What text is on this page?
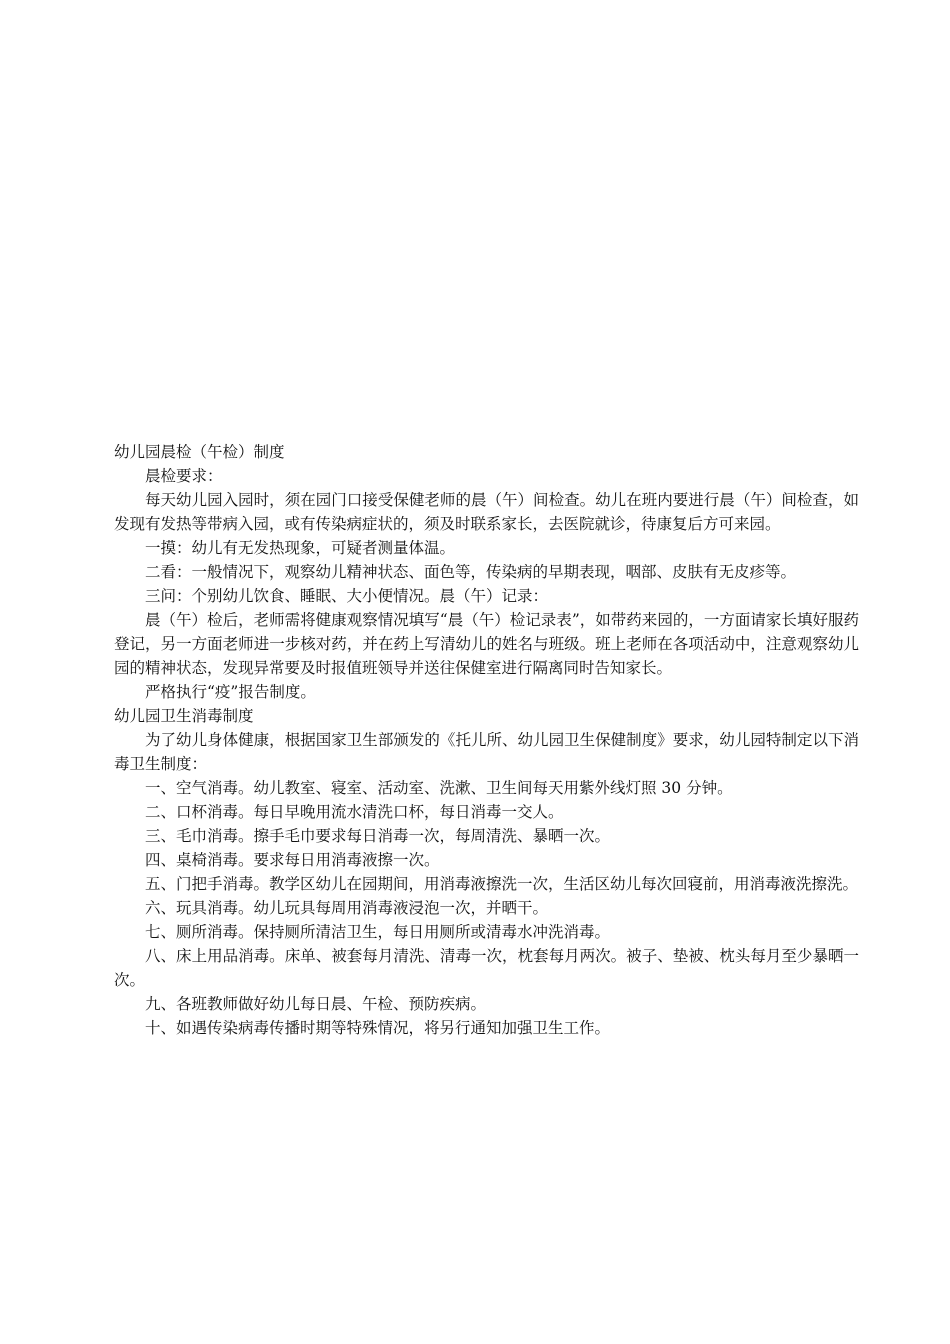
幼儿园晨检（午检）制度

晨检要求：

每天幼儿园入园时，须在园门口接受保健老师的晨（午）间检查。幼儿在班内要进行晨（午）间检查，如发现有发热等带病入园，或有传染病症状的，须及时联系家长，去医院就诊，待康复后方可来园。

一摸：幼儿有无发热现象，可疑者测量体温。

二看：一般情况下，观察幼儿精神状态、面色等，传染病的早期表现，咽部、皮肤有无皮疹等。

三问：个别幼儿饮食、睡眠、大小便情况。晨（午）记录：

晨（午）检后，老师需将健康观察情况填写“晨（午）检记录表”，如带药来园的，一方面请家长填好服药登记，另一方面老师进一步核对药，并在药上写清幼儿的姓名与班级。班上老师在各项活动中，注意观察幼儿园的精神状态，发现异常要及时报值班领导并送往保健室进行隔离同时告知家长。

严格执行“疫”报告制度。

幼儿园卫生消毒制度

为了幼儿身体健康，根据国家卫生部颁发的《托儿所、幼儿园卫生保健制度》要求，幼儿园特制定以下消毒卫生制度：

一、空气消毒。幼儿教室、寝室、活动室、洗漱、卫生间每天用紫外线灯照 30 分钟。

二、口杯消毒。每日早晚用流水清洗口杯，每日消毒一交人。

三、毛巾消毒。擦手毛巾要求每日消毒一次，每周清洗、暴晒一次。

四、桌椅消毒。要求每日用消毒液擦一次。

五、门把手消毒。教学区幼儿在园期间，用消毒液擦洗一次，生活区幼儿每次回寝前，用消毒液洗擦洗。

六、玩具消毒。幼儿玩具每周用消毒液浸泡一次，并晒干。

七、厕所消毒。保持厕所清洁卫生，每日用厕所或清毒水冲洗消毒。

八、床上用品消毒。床单、被套每月清洗、清毒一次，枕套每月两次。被子、垫被、枕头每月至少暴晒一次。

九、各班教师做好幼儿每日晨、午检、预防疾病。

十、如遇传染病毒传播时期等特殊情况，将另行通知加强卫生工作。
